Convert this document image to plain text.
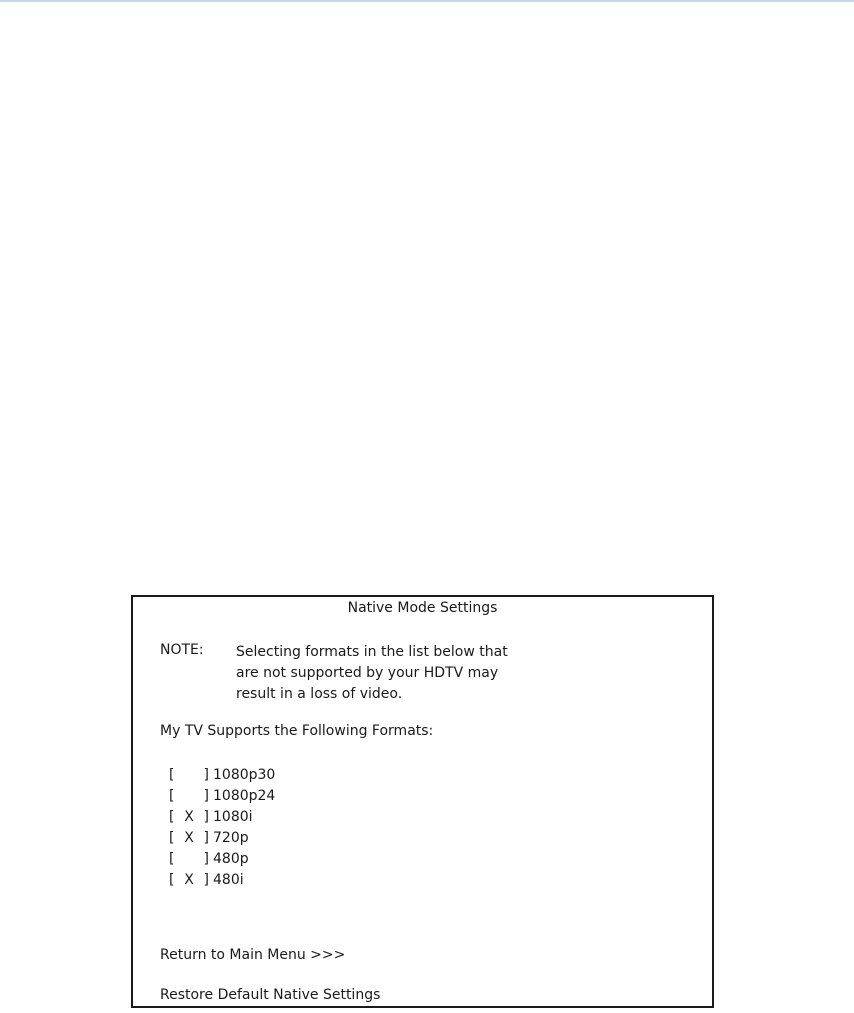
Native Mode Settings
NOTE: Selecting formats in the list below that
are not supported by your HDTV may
result in a loss of video.
My TV Supports the Following Formats:
[ ] 1080p30
[ ] 1080p24
[ X ] 1080i
[ X ] 720p
[ ] 480p
[ X ] 480i
Return to Main Menu >>>
Restore Default Native Settings
